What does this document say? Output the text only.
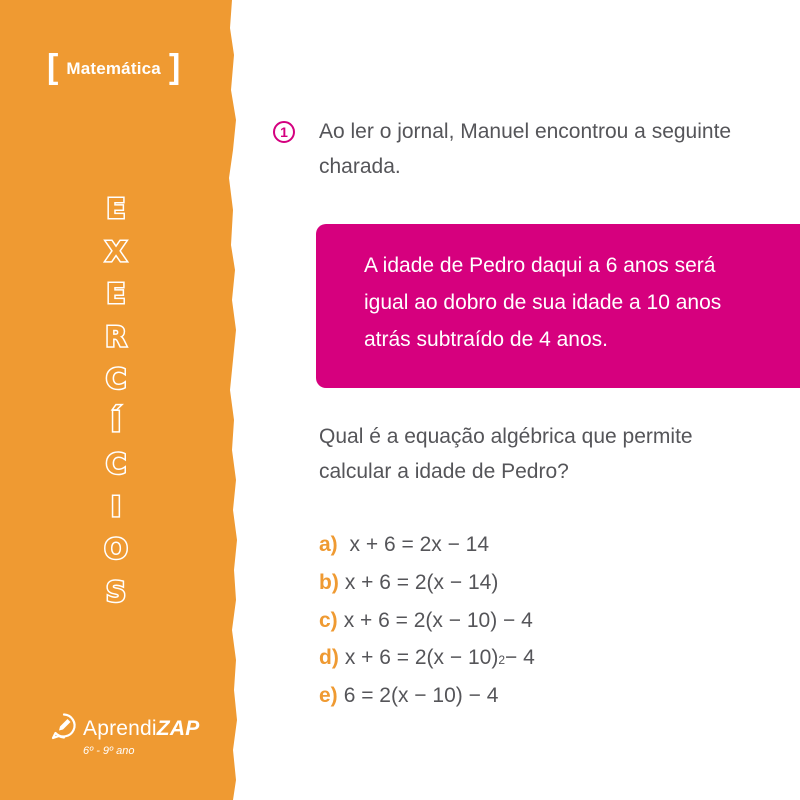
[ Matemática ]
E
X
E
R
C
Í
C
I
O
S
AprendiZAP
6º - 9º ano
1	Ao ler o jornal, Manuel encontrou a seguinte charada.

A idade de Pedro daqui a 6 anos será igual ao dobro de sua idade a 10 anos atrás subtraído de 4 anos.

Qual é a equação algébrica que permite calcular a idade de Pedro?

a) x + 6 = 2x − 14
b) x + 6 = 2(x − 14)
c) x + 6 = 2(x − 10) − 4
d) x + 6 = 2(x − 10) 2 − 4
e) 6 = 2(x − 10) − 4
